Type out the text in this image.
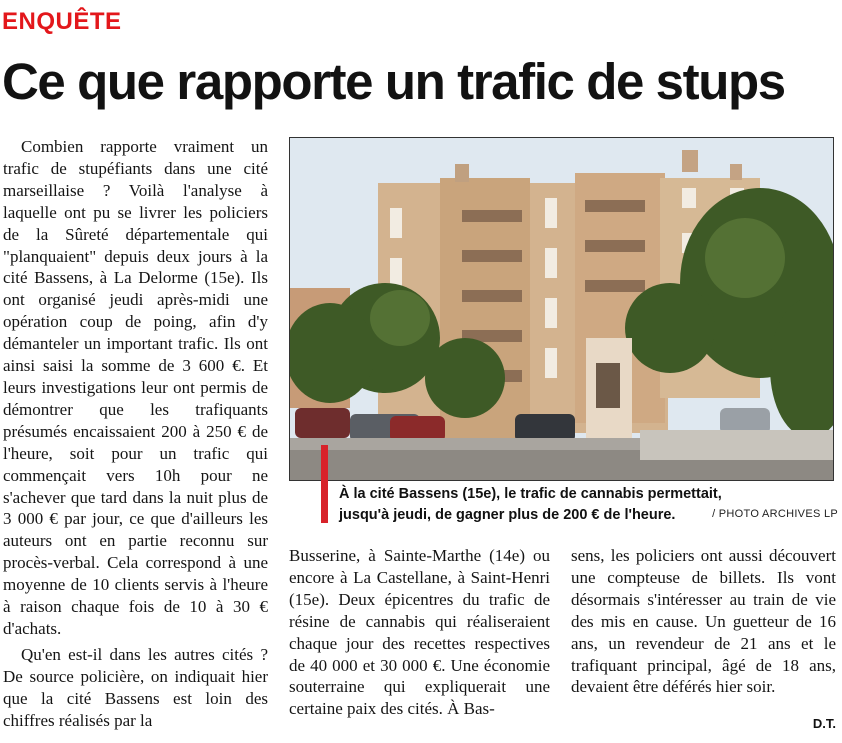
ENQUÊTE
Ce que rapporte un trafic de stups

Combien rapporte vraiment un trafic de stupéfiants dans une cité marseillaise ? Voilà l'analyse à laquelle ont pu se livrer les policiers de la Sûreté départementale qui "planquaient" depuis deux jours à la cité Bassens, à La Delorme (15e). Ils ont organisé jeudi après-midi une opération coup de poing, afin d'y démanteler un important trafic. Ils ont ainsi saisi la somme de 3 600 €. Et leurs investigations leur ont permis de démontrer que les trafiquants présumés encaissaient 200 à 250 € de l'heure, soit pour un trafic qui commençait vers 10h pour ne s'achever que tard dans la nuit plus de 3 000 € par jour, ce que d'ailleurs les auteurs ont en partie reconnu sur procès-verbal. Cela correspond à une moyenne de 10 clients servis à l'heure à raison chaque fois de 10 à 30 € d'achats.

Qu'en est-il dans les autres cités ? De source policière, on indiquait hier que la cité Bassens est loin des chiffres réalisés par la

À la cité Bassens (15e), le trafic de cannabis permettait, jusqu'à jeudi, de gagner plus de 200 € de l'heure.	/ PHOTO ARCHIVES LP

Busserine, à Sainte-Marthe (14e) ou encore à La Castellane, à Saint-Henri (15e). Deux épicentres du trafic de résine de cannabis qui réaliseraient chaque jour des recettes respectives de 40 000 et 30 000 €. Une économie souterraine qui expliquerait une certaine paix des cités. À Bas-

sens, les policiers ont aussi découvert une compteuse de billets. Ils vont désormais s'intéresser au train de vie des mis en cause. Un guetteur de 16 ans, un revendeur de 21 ans et le trafiquant principal, âgé de 18 ans, devaient être déférés hier soir.

D.T.
